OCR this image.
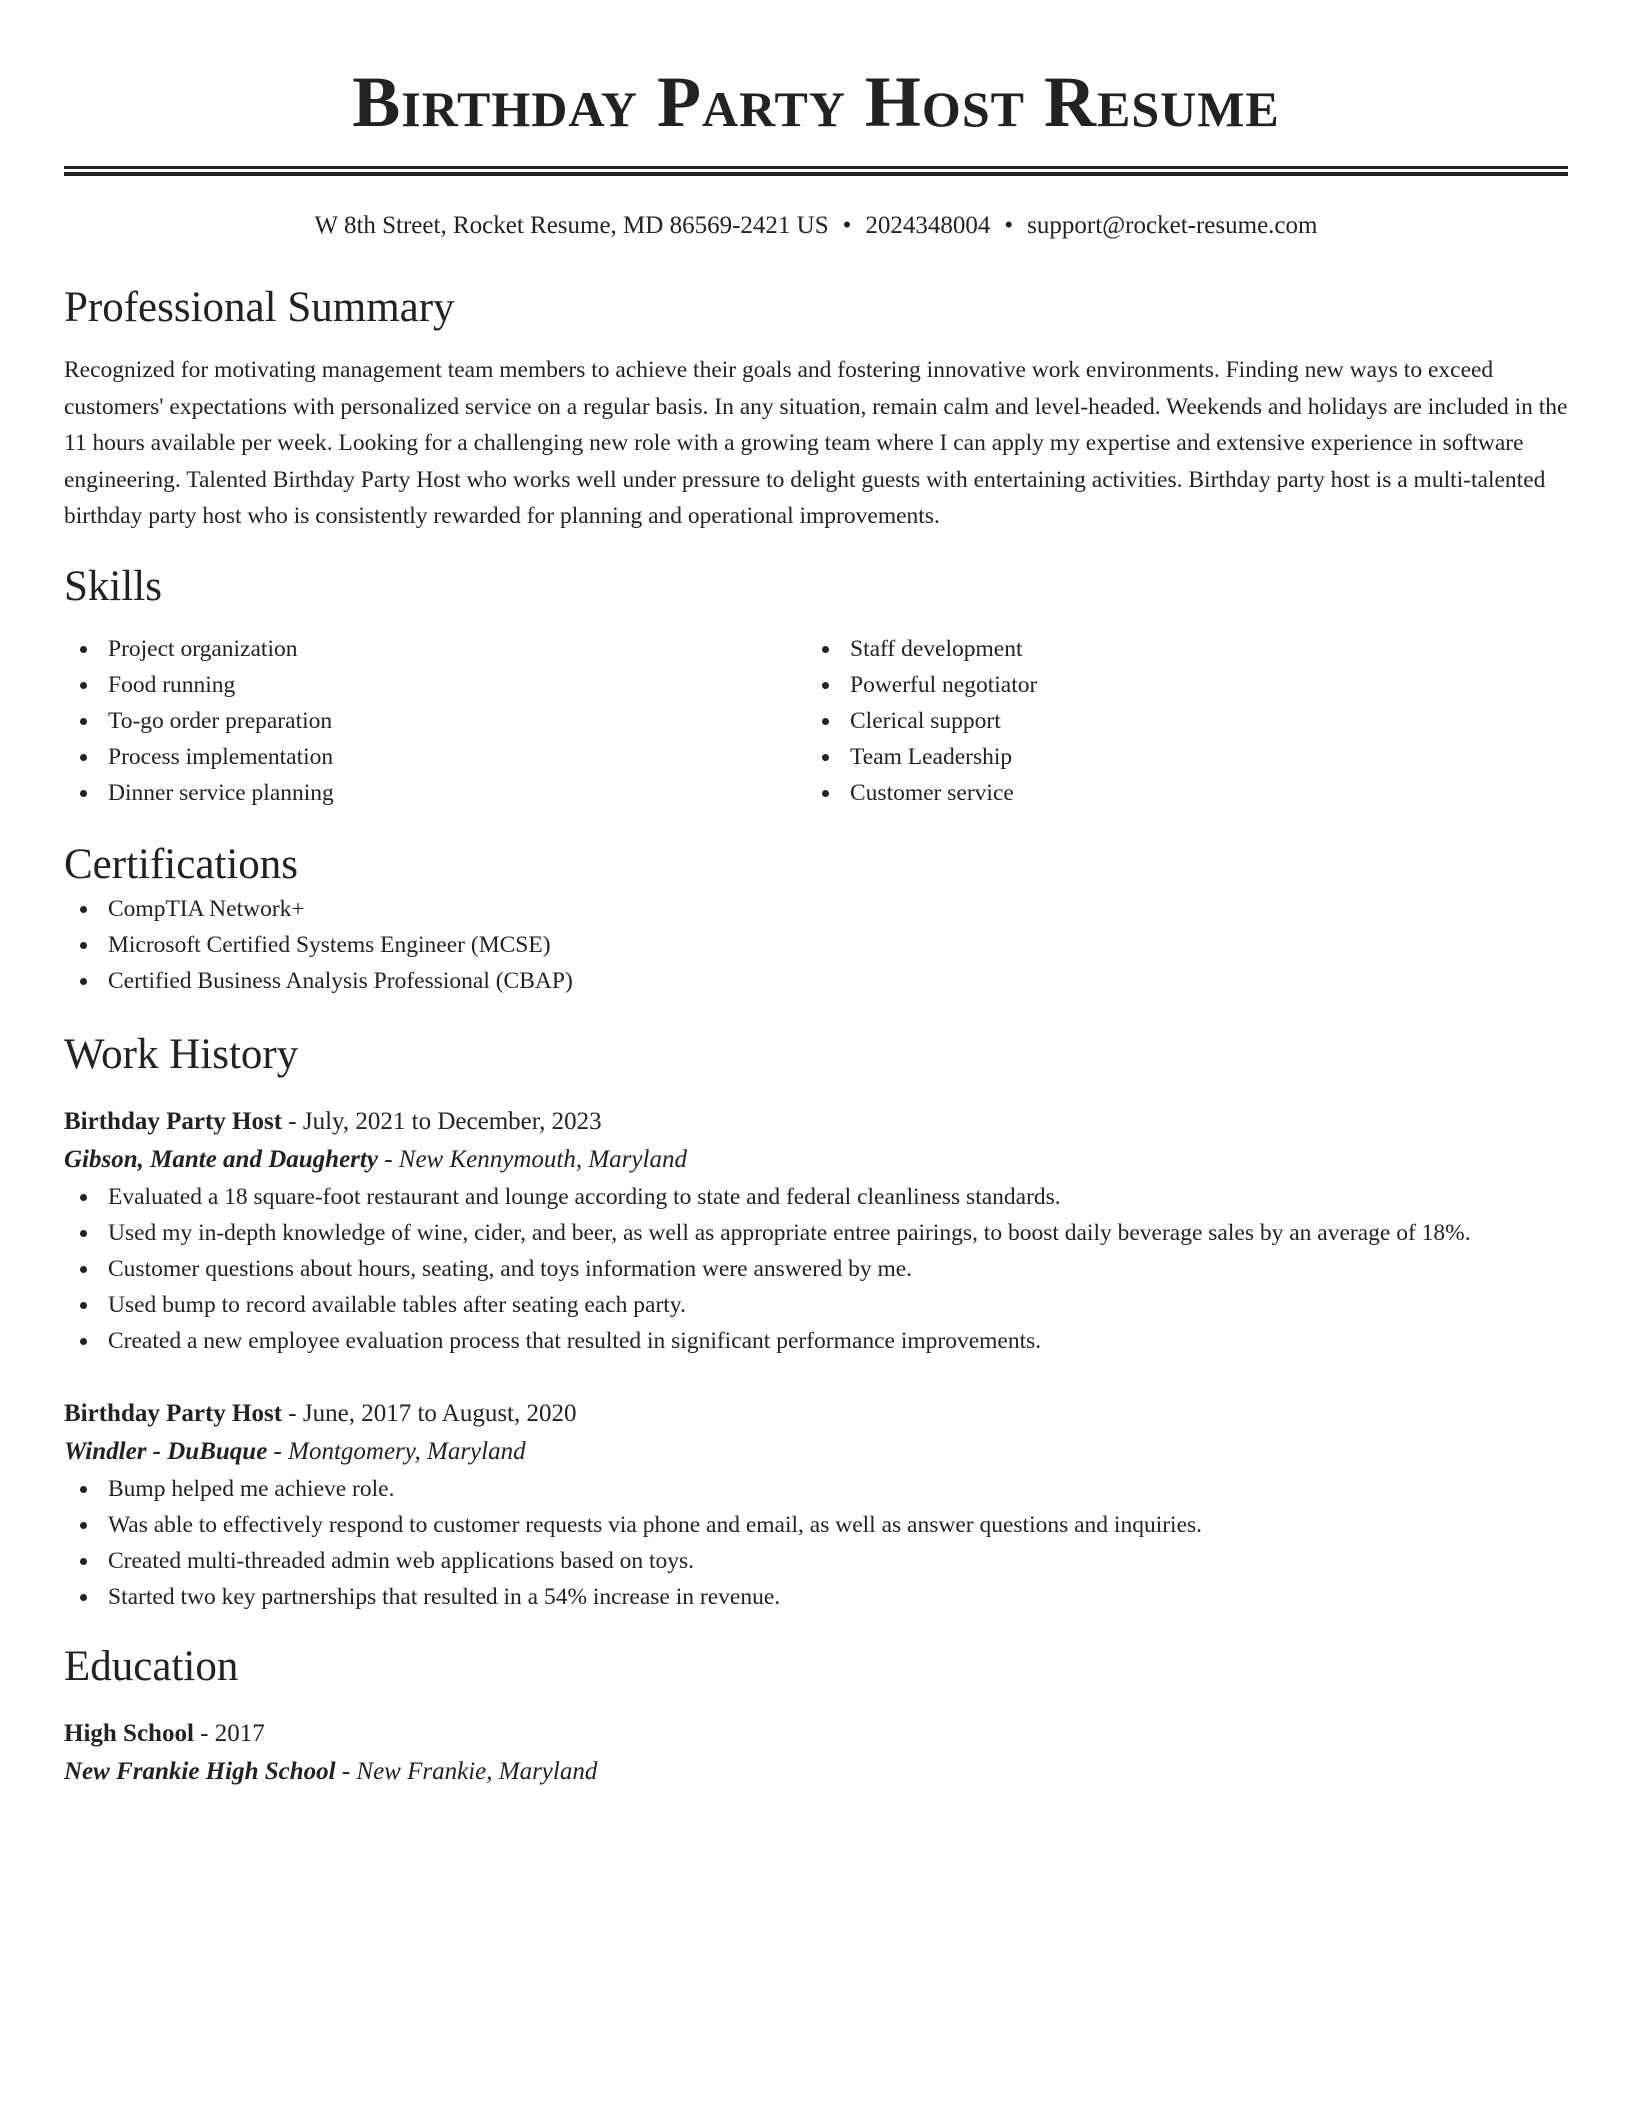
Birthday Party Host Resume
W 8th Street, Rocket Resume, MD 86569-2421 US • 2024348004 • support@rocket-resume.com
Professional Summary

Recognized for motivating management team members to achieve their goals and fostering innovative work environments. Finding new ways to exceed customers' expectations with personalized service on a regular basis. In any situation, remain calm and level-headed. Weekends and holidays are included in the 11 hours available per week. Looking for a challenging new role with a growing team where I can apply my expertise and extensive experience in software engineering. Talented Birthday Party Host who works well under pressure to delight guests with entertaining activities. Birthday party host is a multi-talented birthday party host who is consistently rewarded for planning and operational improvements.

Skills
Project organization
Food running
To-go order preparation
Process implementation
Dinner service planning
Staff development
Powerful negotiator
Clerical support
Team Leadership
Customer service
Certifications
CompTIA Network+
Microsoft Certified Systems Engineer (MCSE)
Certified Business Analysis Professional (CBAP)
Work History
Birthday Party Host - July, 2021 to December, 2023
Gibson, Mante and Daugherty - New Kennymouth, Maryland
Evaluated a 18 square-foot restaurant and lounge according to state and federal cleanliness standards.
Used my in-depth knowledge of wine, cider, and beer, as well as appropriate entree pairings, to boost daily beverage sales by an average of 18%.
Customer questions about hours, seating, and toys information were answered by me.
Used bump to record available tables after seating each party.
Created a new employee evaluation process that resulted in significant performance improvements.
Birthday Party Host - June, 2017 to August, 2020
Windler - DuBuque - Montgomery, Maryland
Bump helped me achieve role.
Was able to effectively respond to customer requests via phone and email, as well as answer questions and inquiries.
Created multi-threaded admin web applications based on toys.
Started two key partnerships that resulted in a 54% increase in revenue.
Education
High School - 2017
New Frankie High School - New Frankie, Maryland
